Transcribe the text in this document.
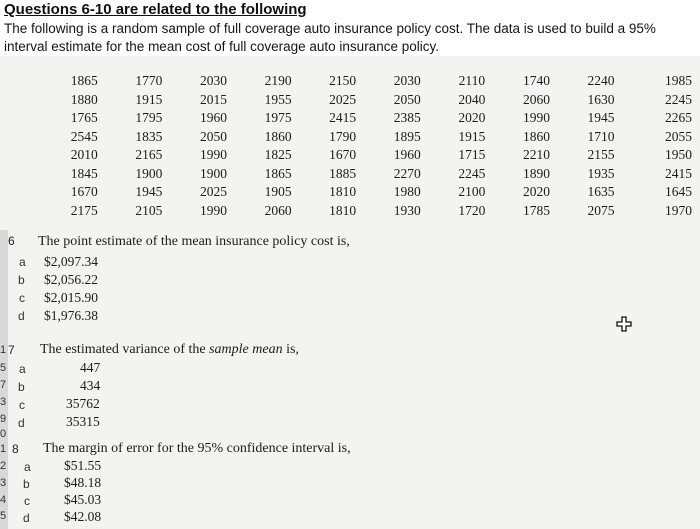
Questions 6-10 are related to the following

The following is a random sample of full coverage auto insurance policy cost. The data is used to build a 95% interval estimate for the mean cost of full coverage auto insurance policy.

1865	1770	2030	2190	2150	2030	2110	1740	2240	1985
1880	1915	2015	1955	2025	2050	2040	2060	1630	2245
1765	1795	1960	1975	2415	2385	2020	1990	1945	2265
2545	1835	2050	1860	1790	1895	1915	1860	1710	2055
2010	2165	1990	1825	1670	1960	1715	2210	2155	1950
1845	1900	1900	1865	1885	2270	2245	1890	1935	2415
1670	1945	2025	1905	1810	1980	2100	2020	1635	1645
2175	2105	1990	2060	1810	1930	1720	1785	2075	1970
6 The point estimate of the mean insurance policy cost is,
a $2,097.34
b $2,056.22
c $2,015.90
d $1,976.38
7 The estimated variance of the sample mean is,
a	447
b	434
c	35762
d	35315
8 The margin of error for the 95% confidence interval is,
a $51.55
b	$48.18
c	$45.03
d	$42.08
1
5
7
3
9
0
1
2
3
4
5
